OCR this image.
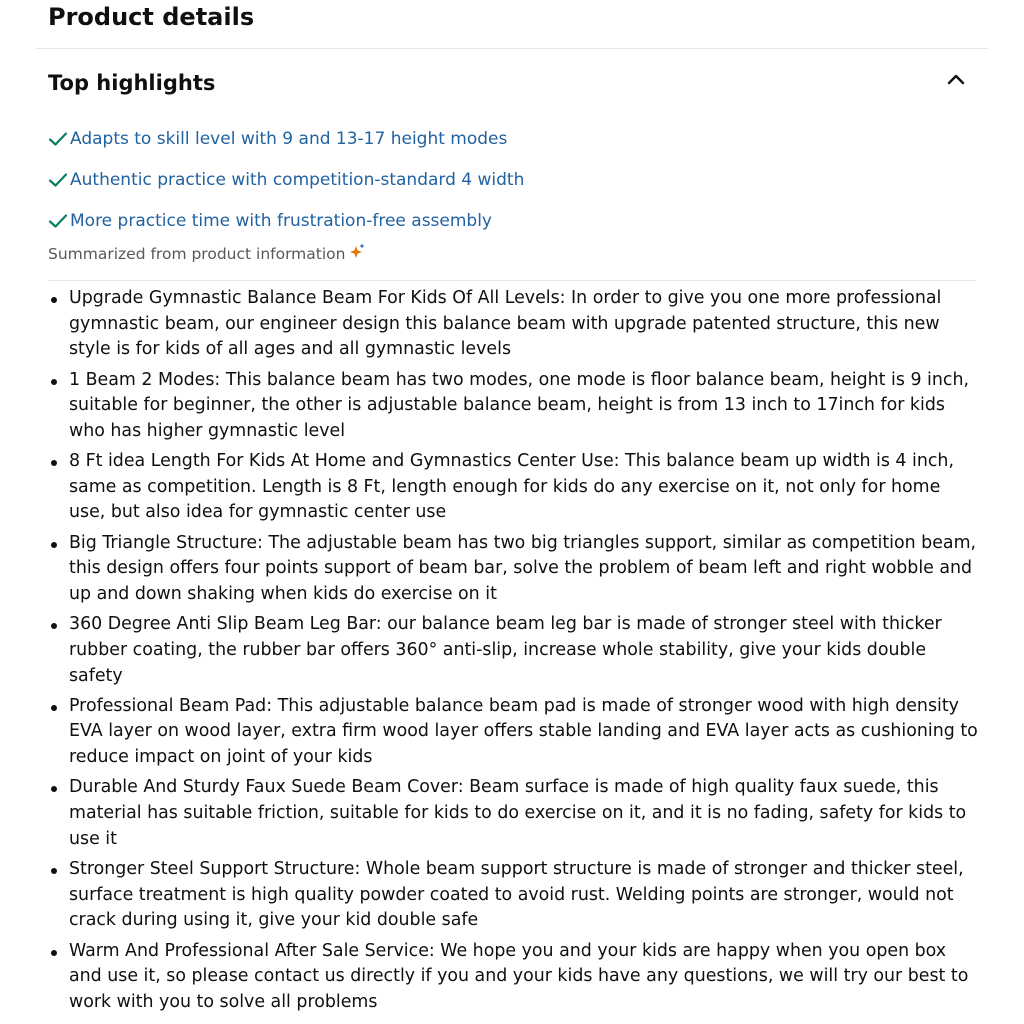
Product details
Top highlights
Adapts to skill level with 9 and 13-17 height modes
Authentic practice with competition-standard 4 width
More practice time with frustration-free assembly
Summarized from product information
Upgrade Gymnastic Balance Beam For Kids Of All Levels: In order to give you one more professional gymnastic beam, our engineer design this balance beam with upgrade patented structure, this new style is for kids of all ages and all gymnastic levels
1 Beam 2 Modes: This balance beam has two modes, one mode is floor balance beam, height is 9 inch, suitable for beginner, the other is adjustable balance beam, height is from 13 inch to 17inch for kids who has higher gymnastic level
8 Ft idea Length For Kids At Home and Gymnastics Center Use: This balance beam up width is 4 inch, same as competition. Length is 8 Ft, length enough for kids do any exercise on it, not only for home use, but also idea for gymnastic center use
Big Triangle Structure: The adjustable beam has two big triangles support, similar as competition beam, this design offers four points support of beam bar, solve the problem of beam left and right wobble and up and down shaking when kids do exercise on it
360 Degree Anti Slip Beam Leg Bar: our balance beam leg bar is made of stronger steel with thicker rubber coating, the rubber bar offers 360° anti-slip, increase whole stability, give your kids double safety
Professional Beam Pad: This adjustable balance beam pad is made of stronger wood with high density EVA layer on wood layer, extra firm wood layer offers stable landing and EVA layer acts as cushioning to reduce impact on joint of your kids
Durable And Sturdy Faux Suede Beam Cover: Beam surface is made of high quality faux suede, this material has suitable friction, suitable for kids to do exercise on it, and it is no fading, safety for kids to use it
Stronger Steel Support Structure: Whole beam support structure is made of stronger and thicker steel, surface treatment is high quality powder coated to avoid rust. Welding points are stronger, would not crack during using it, give your kid double safe
Warm And Professional After Sale Service: We hope you and your kids are happy when you open box and use it, so please contact us directly if you and your kids have any questions, we will try our best to work with you to solve all problems
